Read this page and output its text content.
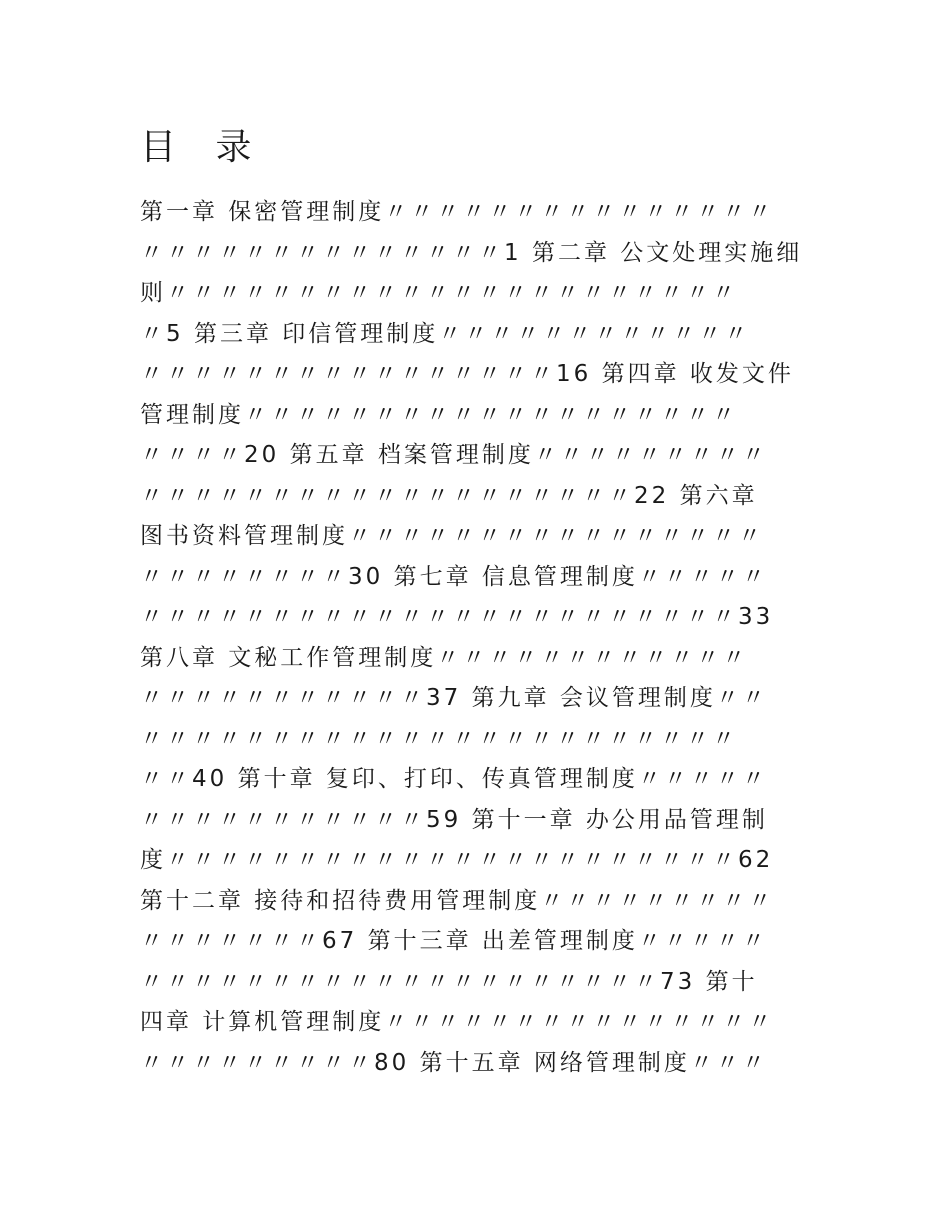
目 录
第一章 保密管理制度〃〃〃〃〃〃〃〃〃〃〃〃〃〃〃
〃〃〃〃〃〃〃〃〃〃〃〃〃〃1 第二章 公文处理实施细
则〃〃〃〃〃〃〃〃〃〃〃〃〃〃〃〃〃〃〃〃〃〃
〃5 第三章 印信管理制度〃〃〃〃〃〃〃〃〃〃〃〃
〃〃〃〃〃〃〃〃〃〃〃〃〃〃〃〃16 第四章 收发文件
管理制度〃〃〃〃〃〃〃〃〃〃〃〃〃〃〃〃〃〃〃
〃〃〃〃20 第五章 档案管理制度〃〃〃〃〃〃〃〃〃
〃〃〃〃〃〃〃〃〃〃〃〃〃〃〃〃〃〃〃22 第六章
图书资料管理制度〃〃〃〃〃〃〃〃〃〃〃〃〃〃〃〃
〃〃〃〃〃〃〃〃30 第七章 信息管理制度〃〃〃〃〃
〃〃〃〃〃〃〃〃〃〃〃〃〃〃〃〃〃〃〃〃〃〃〃33
第八章 文秘工作管理制度〃〃〃〃〃〃〃〃〃〃〃〃
〃〃〃〃〃〃〃〃〃〃〃37 第九章 会议管理制度〃〃
〃〃〃〃〃〃〃〃〃〃〃〃〃〃〃〃〃〃〃〃〃〃〃
〃〃40 第十章 复印、打印、传真管理制度〃〃〃〃〃
〃〃〃〃〃〃〃〃〃〃〃59 第十一章 办公用品管理制
度〃〃〃〃〃〃〃〃〃〃〃〃〃〃〃〃〃〃〃〃〃〃62
第十二章 接待和招待费用管理制度〃〃〃〃〃〃〃〃〃
〃〃〃〃〃〃〃67 第十三章 出差管理制度〃〃〃〃〃
〃〃〃〃〃〃〃〃〃〃〃〃〃〃〃〃〃〃〃〃73 第十
四章 计算机管理制度〃〃〃〃〃〃〃〃〃〃〃〃〃〃〃
〃〃〃〃〃〃〃〃〃80 第十五章 网络管理制度〃〃〃
